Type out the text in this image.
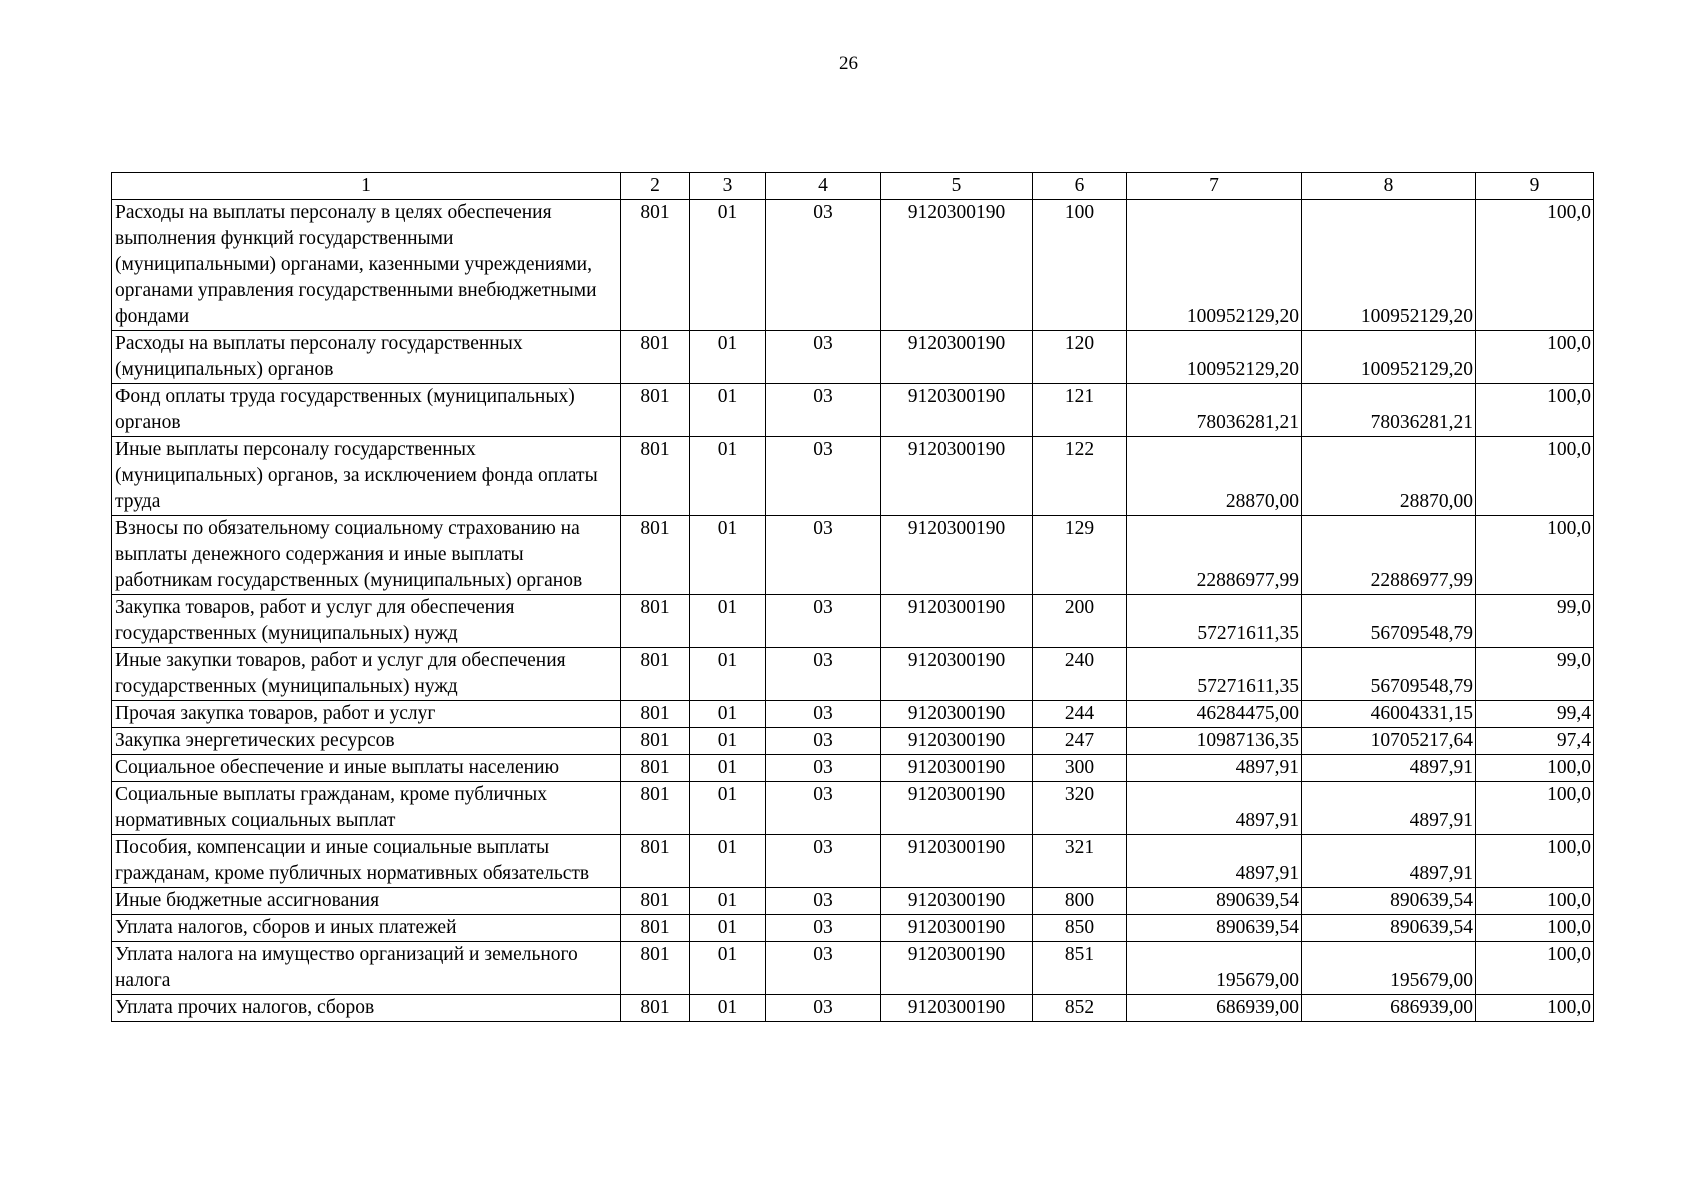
26
1	2	3	4	5	6	7	8	9
Расходы на выплаты персоналу в целях обеспечения выполнения функций государственными (муниципальными) органами, казенными учреждениями, органами управления государственными внебюджетными фондами	801	01	03	9120300190	100	100952129,20	100952129,20	100,0
Расходы на выплаты персоналу государственных (муниципальных) органов	801	01	03	9120300190	120	100952129,20	100952129,20	100,0
Фонд оплаты труда государственных (муниципальных) органов	801	01	03	9120300190	121	78036281,21	78036281,21	100,0
Иные выплаты персоналу государственных (муниципальных) органов, за исключением фонда оплаты труда	801	01	03	9120300190	122	28870,00	28870,00	100,0
Взносы по обязательному социальному страхованию на выплаты денежного содержания и иные выплаты работникам государственных (муниципальных) органов	801	01	03	9120300190	129	22886977,99	22886977,99	100,0
Закупка товаров, работ и услуг для обеспечения государственных (муниципальных) нужд	801	01	03	9120300190	200	57271611,35	56709548,79	99,0
Иные закупки товаров, работ и услуг для обеспечения государственных (муниципальных) нужд	801	01	03	9120300190	240	57271611,35	56709548,79	99,0
Прочая закупка товаров, работ и услуг	801	01	03	9120300190	244	46284475,00	46004331,15	99,4
Закупка энергетических ресурсов	801	01	03	9120300190	247	10987136,35	10705217,64	97,4
Социальное обеспечение и иные выплаты населению	801	01	03	9120300190	300	4897,91	4897,91	100,0
Социальные выплаты гражданам, кроме публичных нормативных социальных выплат	801	01	03	9120300190	320	4897,91	4897,91	100,0
Пособия, компенсации и иные социальные выплаты гражданам, кроме публичных нормативных обязательств	801	01	03	9120300190	321	4897,91	4897,91	100,0
Иные бюджетные ассигнования	801	01	03	9120300190	800	890639,54	890639,54	100,0
Уплата налогов, сборов и иных платежей	801	01	03	9120300190	850	890639,54	890639,54	100,0
Уплата налога на имущество организаций и земельного налога	801	01	03	9120300190	851	195679,00	195679,00	100,0
Уплата прочих налогов, сборов	801	01	03	9120300190	852	686939,00	686939,00	100,0
